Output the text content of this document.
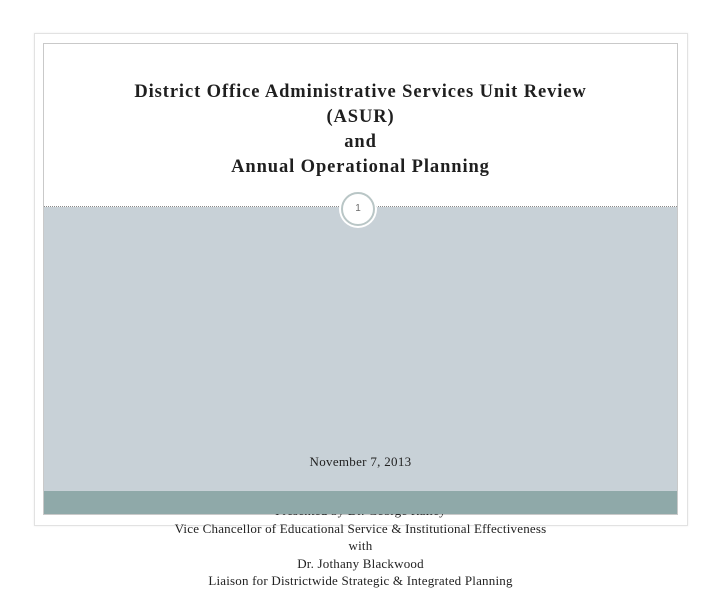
District Office Administrative Services Unit Review
(ASUR)
and
Annual Operational Planning
November 7, 2013
Vice Chancellor of Educational Service & Institutional Effectiveness
with
Dr. Jothany Blackwood
Liaison for Districtwide Strategic & Integrated Planning
1
